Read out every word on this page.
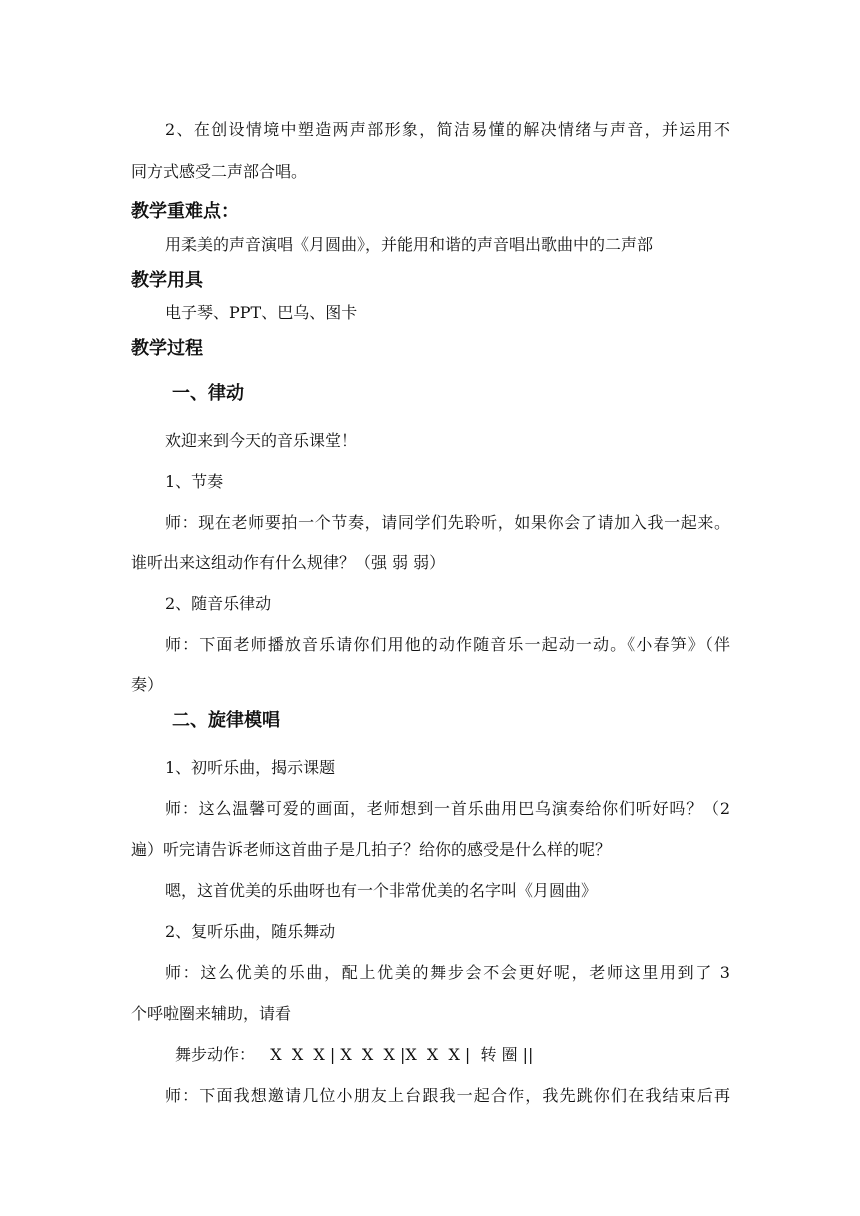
2、在创设情境中塑造两声部形象，简洁易懂的解决情绪与声音，并运用不
同方式感受二声部合唱。
教学重难点：
用柔美的声音演唱《月圆曲》，并能用和谐的声音唱出歌曲中的二声部
教学用具
电子琴、PPT、巴乌、图卡
教学过程
一、律动
欢迎来到今天的音乐课堂！
1、节奏
师：现在老师要拍一个节奏，请同学们先聆听，如果你会了请加入我一起来。
谁听出来这组动作有什么规律？（强 弱 弱）
2、随音乐律动
师：下面老师播放音乐请你们用他的动作随音乐一起动一动。《小春笋》（伴
奏）
二、旋律模唱
1、初听乐曲，揭示课题
师：这么温馨可爱的画面，老师想到一首乐曲用巴乌演奏给你们听好吗？（2
遍）听完请告诉老师这首曲子是几拍子？给你的感受是什么样的呢？
嗯，这首优美的乐曲呀也有一个非常优美的名字叫《月圆曲》
2、复听乐曲，随乐舞动
师：这么优美的乐曲，配上优美的舞步会不会更好呢，老师这里用到了 3
个呼啦圈来辅助，请看
舞步动作：   X  X  X | X  X  X |X  X  X |  转 圈 ||
师：下面我想邀请几位小朋友上台跟我一起合作，我先跳你们在我结束后再
